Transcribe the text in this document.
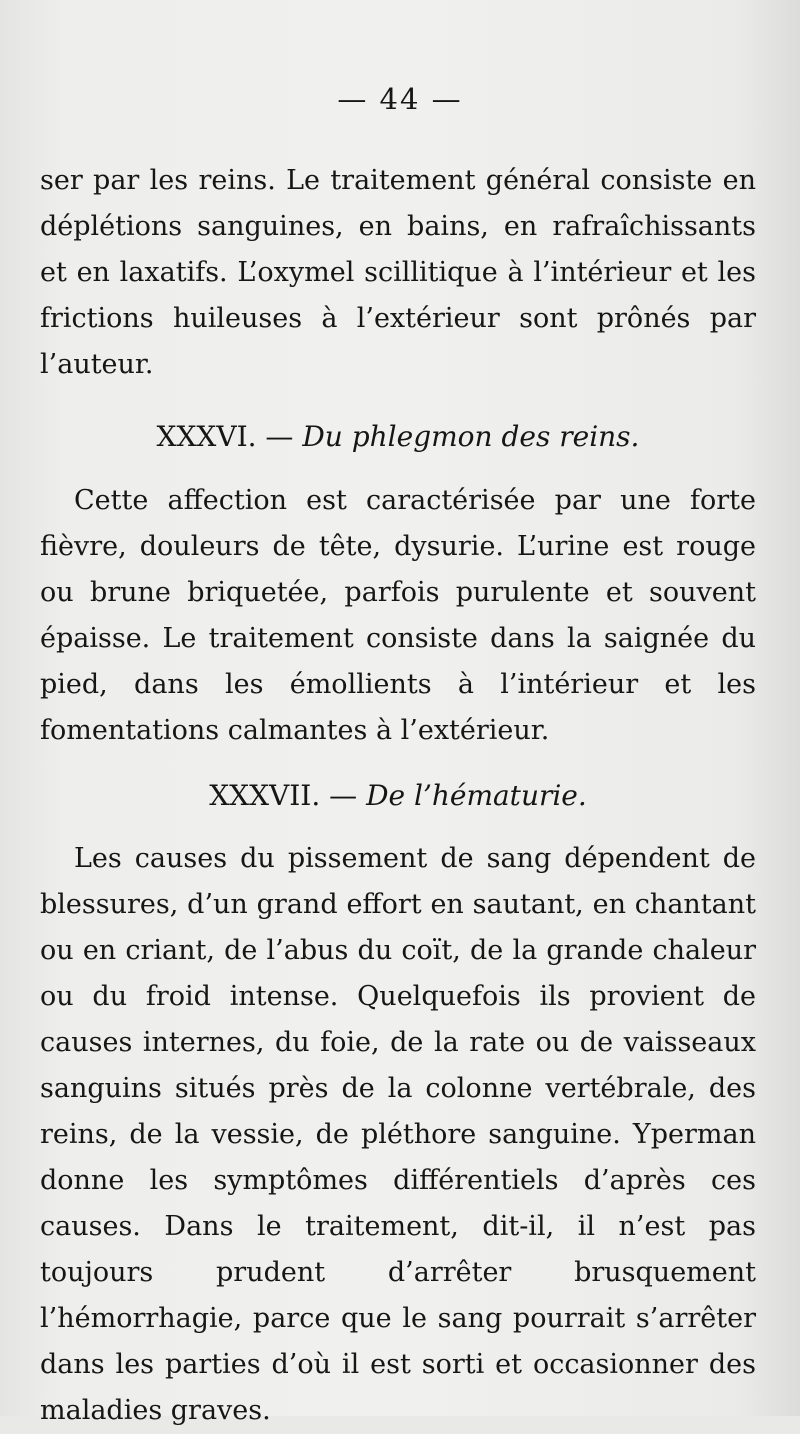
— 44 —

ser par les reins. Le traitement général consiste en déplétions sanguines, en bains, en rafraîchissants et en laxatifs. L’oxymel scillitique à l’intérieur et les frictions huileuses à l’extérieur sont prônés par l’auteur.

XXXVI. — Du phlegmon des reins.

Cette affection est caractérisée par une forte fièvre, douleurs de tête, dysurie. L’urine est rouge ou brune briquetée, parfois purulente et souvent épaisse. Le traitement consiste dans la saignée du pied, dans les émollients à l’intérieur et les fomentations calmantes à l’extérieur.

XXXVII. — De l’hématurie.

Les causes du pissement de sang dépendent de blessures, d’un grand effort en sautant, en chantant ou en criant, de l’abus du coït, de la grande chaleur ou du froid intense. Quelquefois ils provient de causes internes, du foie, de la rate ou de vaisseaux sanguins situés près de la colonne vertébrale, des reins, de la vessie, de pléthore sanguine. Yperman donne les symptômes différentiels d’après ces causes. Dans le traitement, dit-il, il n’est pas toujours prudent d’arrêter brusquement l’hémorrhagie, parce que le sang pourrait s’arrêter dans les parties d’où il est sorti et occasionner des maladies graves.
